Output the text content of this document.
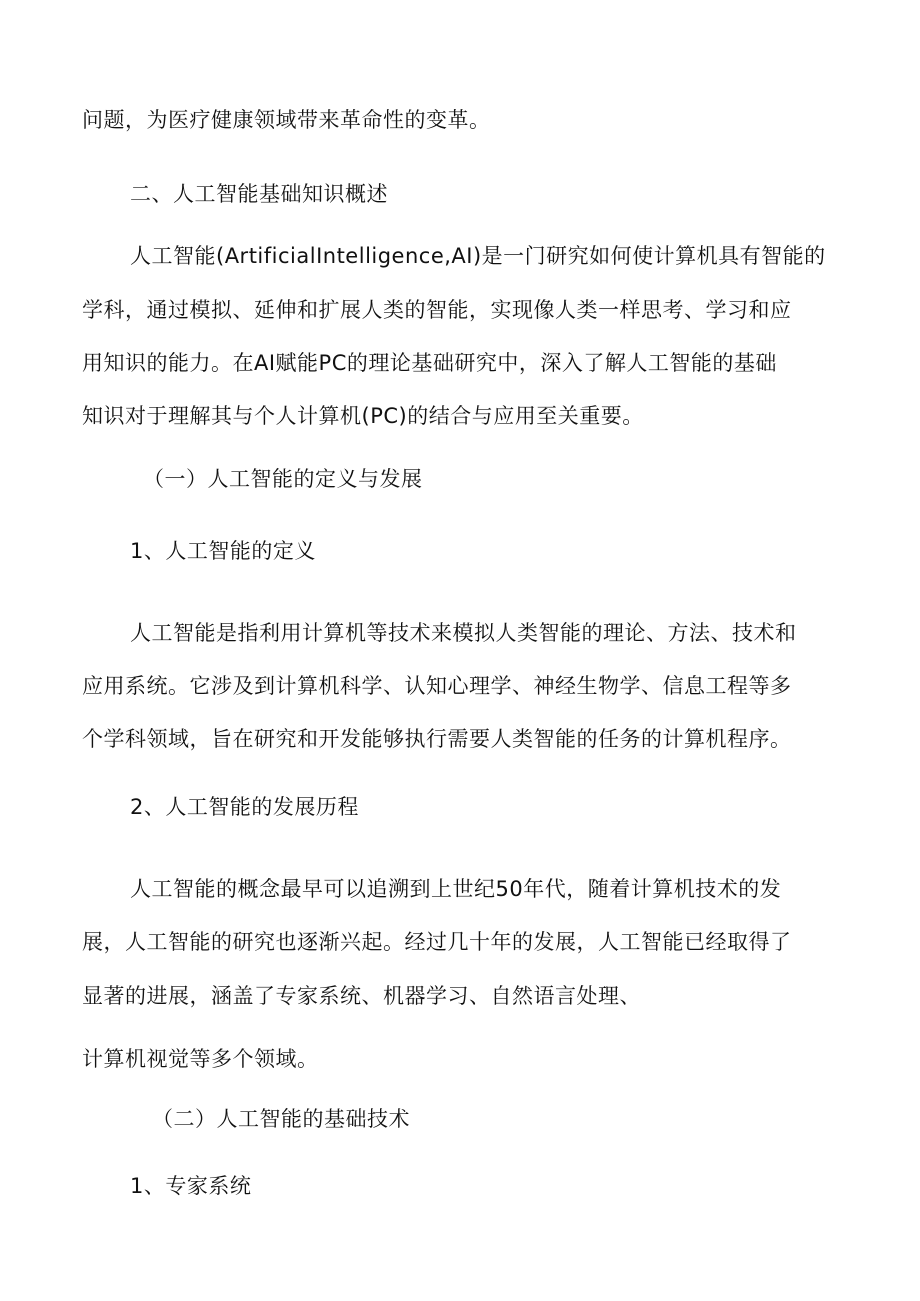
问题，为医疗健康领域带来革命性的变革。
二、人工智能基础知识概述
人工智能(ArtificialIntelligence,AI)是一门研究如何使计算机具有智能的
学科，通过模拟、延伸和扩展人类的智能，实现像人类一样思考、学习和应
用知识的能力。在AI赋能PC的理论基础研究中，深入了解人工智能的基础
知识对于理解其与个人计算机(PC)的结合与应用至关重要。
（一）人工智能的定义与发展
1、人工智能的定义
人工智能是指利用计算机等技术来模拟人类智能的理论、方法、技术和
应用系统。它涉及到计算机科学、认知心理学、神经生物学、信息工程等多
个学科领域，旨在研究和开发能够执行需要人类智能的任务的计算机程序。
2、人工智能的发展历程
人工智能的概念最早可以追溯到上世纪50年代，随着计算机技术的发
展，人工智能的研究也逐渐兴起。经过几十年的发展，人工智能已经取得了
显著的进展，涵盖了专家系统、机器学习、自然语言处理、
计算机视觉等多个领域。
（二）人工智能的基础技术
1、专家系统
